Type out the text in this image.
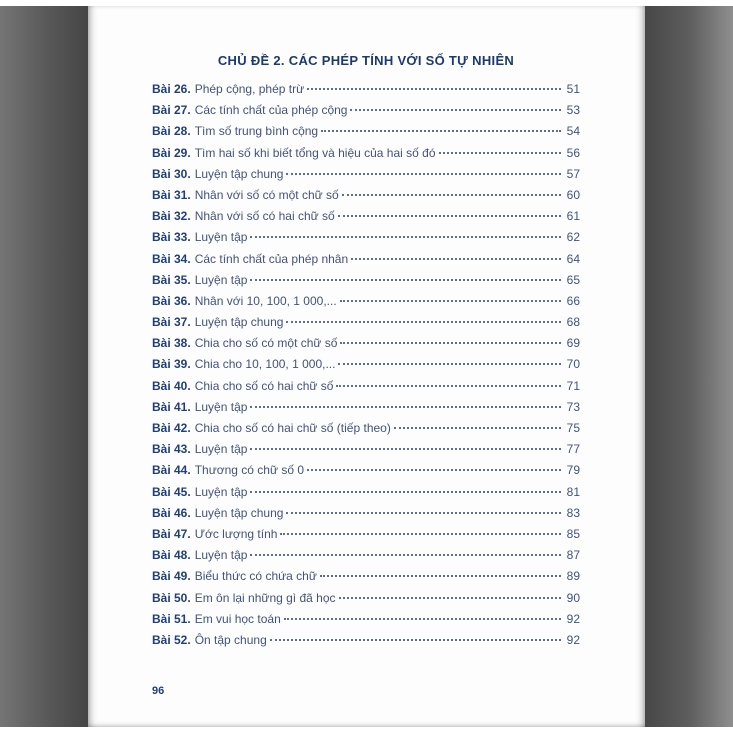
CHỦ ĐỀ 2. CÁC PHÉP TÍNH VỚI SỐ TỰ NHIÊN
Bài 26. Phép cộng, phép trừ	51
Bài 27. Các tính chất của phép cộng	53
Bài 28. Tìm số trung bình cộng	54
Bài 29. Tìm hai số khi biết tổng và hiệu của hai số đó	56
Bài 30. Luyện tập chung	57
Bài 31. Nhân với số có một chữ số	60
Bài 32. Nhân với số có hai chữ số	61
Bài 33. Luyện tập	62
Bài 34. Các tính chất của phép nhân	64
Bài 35. Luyện tập	65
Bài 36. Nhân với 10, 100, 1 000,...	66
Bài 37. Luyện tập chung	68
Bài 38. Chia cho số có một chữ số	69
Bài 39. Chia cho 10, 100, 1 000,...	70
Bài 40. Chia cho số có hai chữ số	71
Bài 41. Luyện tập	73
Bài 42. Chia cho số có hai chữ số (tiếp theo)	75
Bài 43. Luyện tập	77
Bài 44. Thương có chữ số 0	79
Bài 45. Luyện tập	81
Bài 46. Luyện tập chung	83
Bài 47. Ước lượng tính	85
Bài 48. Luyện tập	87
Bài 49. Biểu thức có chứa chữ	89
Bài 50. Em ôn lại những gì đã học	90
Bài 51. Em vui học toán	92
Bài 52. Ôn tập chung	92
96
